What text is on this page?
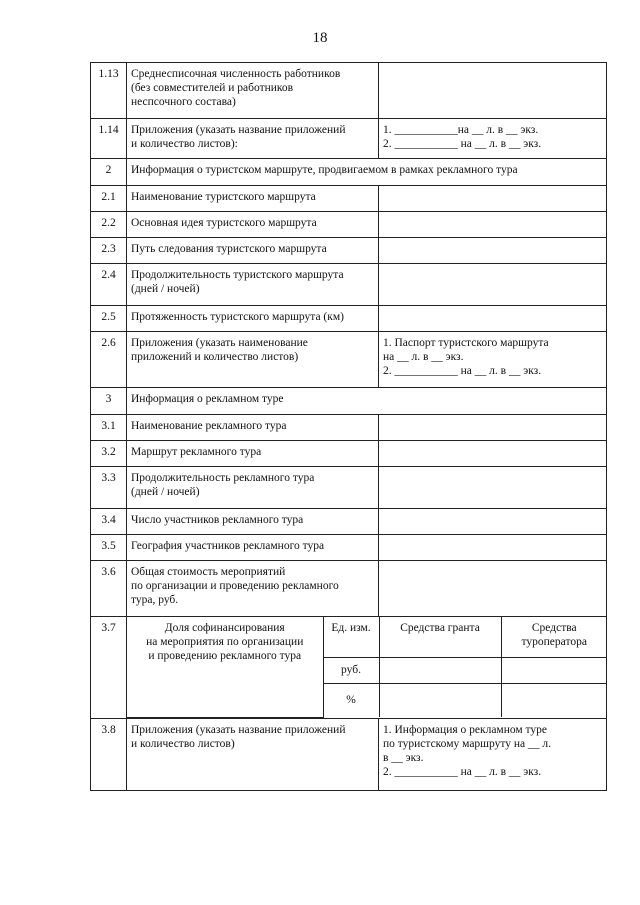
18
1.13	Среднесписочная численность работников
(без совместителей и работников
неспсочного состава)	
1.14	Приложения (указать название приложений
и количество листов):	1. ___________на __ л. в __ экз.
2. ___________ на __ л. в __ экз.
2	Информация о туристском маршруте, продвигаемом в рамках рекламного тура
2.1	Наименование туристского маршрута	
2.2	Основная идея туристского маршрута	
2.3	Путь следования туристского маршрута	
2.4	Продолжительность туристского маршрута
(дней / ночей)	
2.5	Протяженность туристского маршрута (км)	
2.6	Приложения (указать наименование
приложений и количество листов)	1. Паспорт туристского маршрута
на __ л. в __ экз.
2. ___________ на __ л. в __ экз.
3	Информация о рекламном туре
3.1	Наименование рекламного тура	
3.2	Маршрут рекламного тура	
3.3	Продолжительность рекламного тура
(дней / ночей)	
3.4	Число участников рекламного тура	
3.5	География участников рекламного тура	
3.6	Общая стоимость мероприятий
по организации и проведению рекламного
тура, руб.	
3.7		Доля софинансирования
на мероприятия по организации
и проведению рекламного тура	Ед. изм.	Средства гранта	Средства
туроператора
руб.		
%		

3.8	Приложения (указать название приложений
и количество листов)	1. Информация о рекламном туре
по туристскому маршруту на __ л.
в __ экз.
2. ___________ на __ л. в __ экз.
